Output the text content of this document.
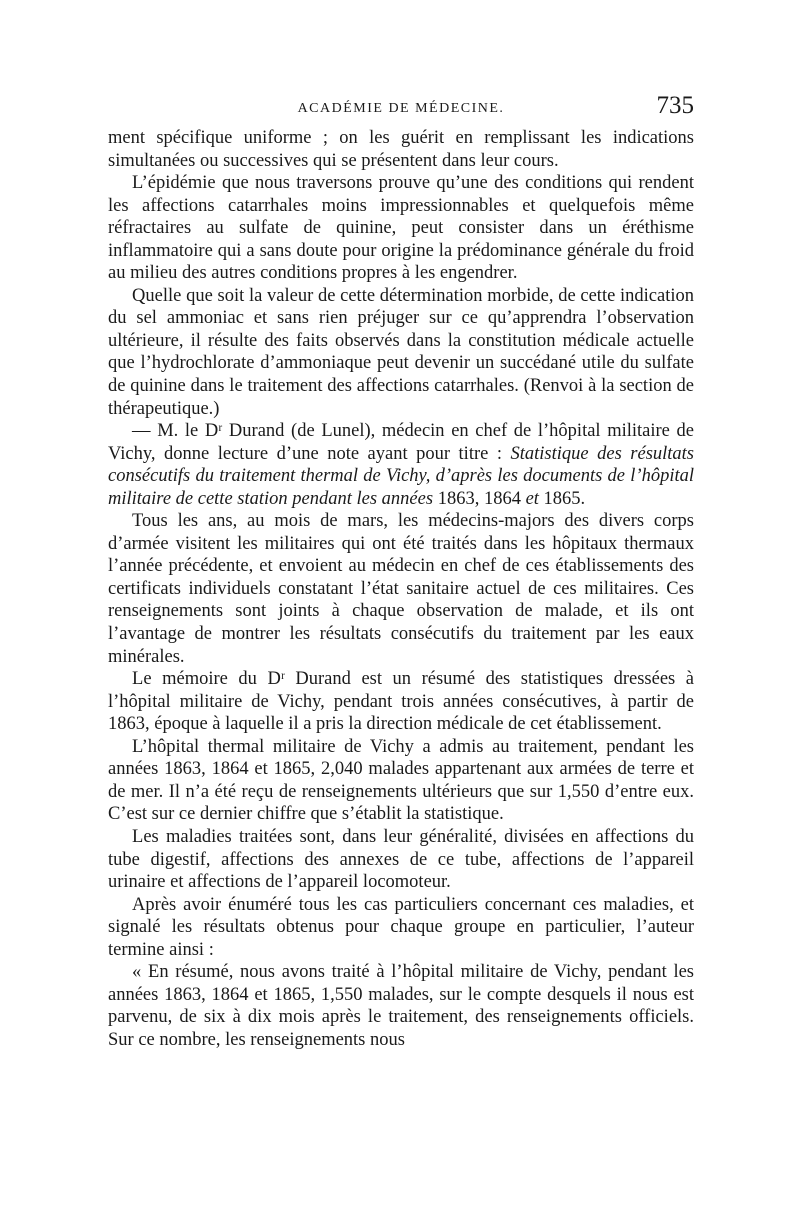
ACADÉMIE DE MÉDECINE.	735

ment spécifique uniforme ; on les guérit en remplissant les indications simultanées ou successives qui se présentent dans leur cours.

L’épidémie que nous traversons prouve qu’une des conditions qui rendent les affections catarrhales moins impressionnables et quelquefois même réfractaires au sulfate de quinine, peut consister dans un éréthisme inflammatoire qui a sans doute pour origine la prédominance générale du froid au milieu des autres conditions propres à les engendrer.

Quelle que soit la valeur de cette détermination morbide, de cette indication du sel ammoniac et sans rien préjuger sur ce qu’apprendra l’observation ultérieure, il résulte des faits observés dans la constitution médicale actuelle que l’hydrochlorate d’ammoniaque peut devenir un succédané utile du sulfate de quinine dans le traitement des affections catarrhales. (Renvoi à la section de thérapeutique.)

— M. le Dʳ Durand (de Lunel), médecin en chef de l’hôpital militaire de Vichy, donne lecture d’une note ayant pour titre : Statistique des résultats consécutifs du traitement thermal de Vichy, d’après les documents de l’hôpital militaire de cette station pendant les années 1863, 1864 et 1865.

Tous les ans, au mois de mars, les médecins-majors des divers corps d’armée visitent les militaires qui ont été traités dans les hôpitaux thermaux l’année précédente, et envoient au médecin en chef de ces établissements des certificats individuels constatant l’état sanitaire actuel de ces militaires. Ces renseignements sont joints à chaque observation de malade, et ils ont l’avantage de montrer les résultats consécutifs du traitement par les eaux minérales.

Le mémoire du Dʳ Durand est un résumé des statistiques dressées à l’hôpital militaire de Vichy, pendant trois années consécutives, à partir de 1863, époque à laquelle il a pris la direction médicale de cet établissement.

L’hôpital thermal militaire de Vichy a admis au traitement, pendant les années 1863, 1864 et 1865, 2,040 malades appartenant aux armées de terre et de mer. Il n’a été reçu de renseignements ultérieurs que sur 1,550 d’entre eux. C’est sur ce dernier chiffre que s’établit la statistique.

Les maladies traitées sont, dans leur généralité, divisées en affections du tube digestif, affections des annexes de ce tube, affections de l’appareil urinaire et affections de l’appareil locomoteur.

Après avoir énuméré tous les cas particuliers concernant ces maladies, et signalé les résultats obtenus pour chaque groupe en particulier, l’auteur termine ainsi :

« En résumé, nous avons traité à l’hôpital militaire de Vichy, pendant les années 1863, 1864 et 1865, 1,550 malades, sur le compte desquels il nous est parvenu, de six à dix mois après le traitement, des renseignements officiels. Sur ce nombre, les renseignements nous
